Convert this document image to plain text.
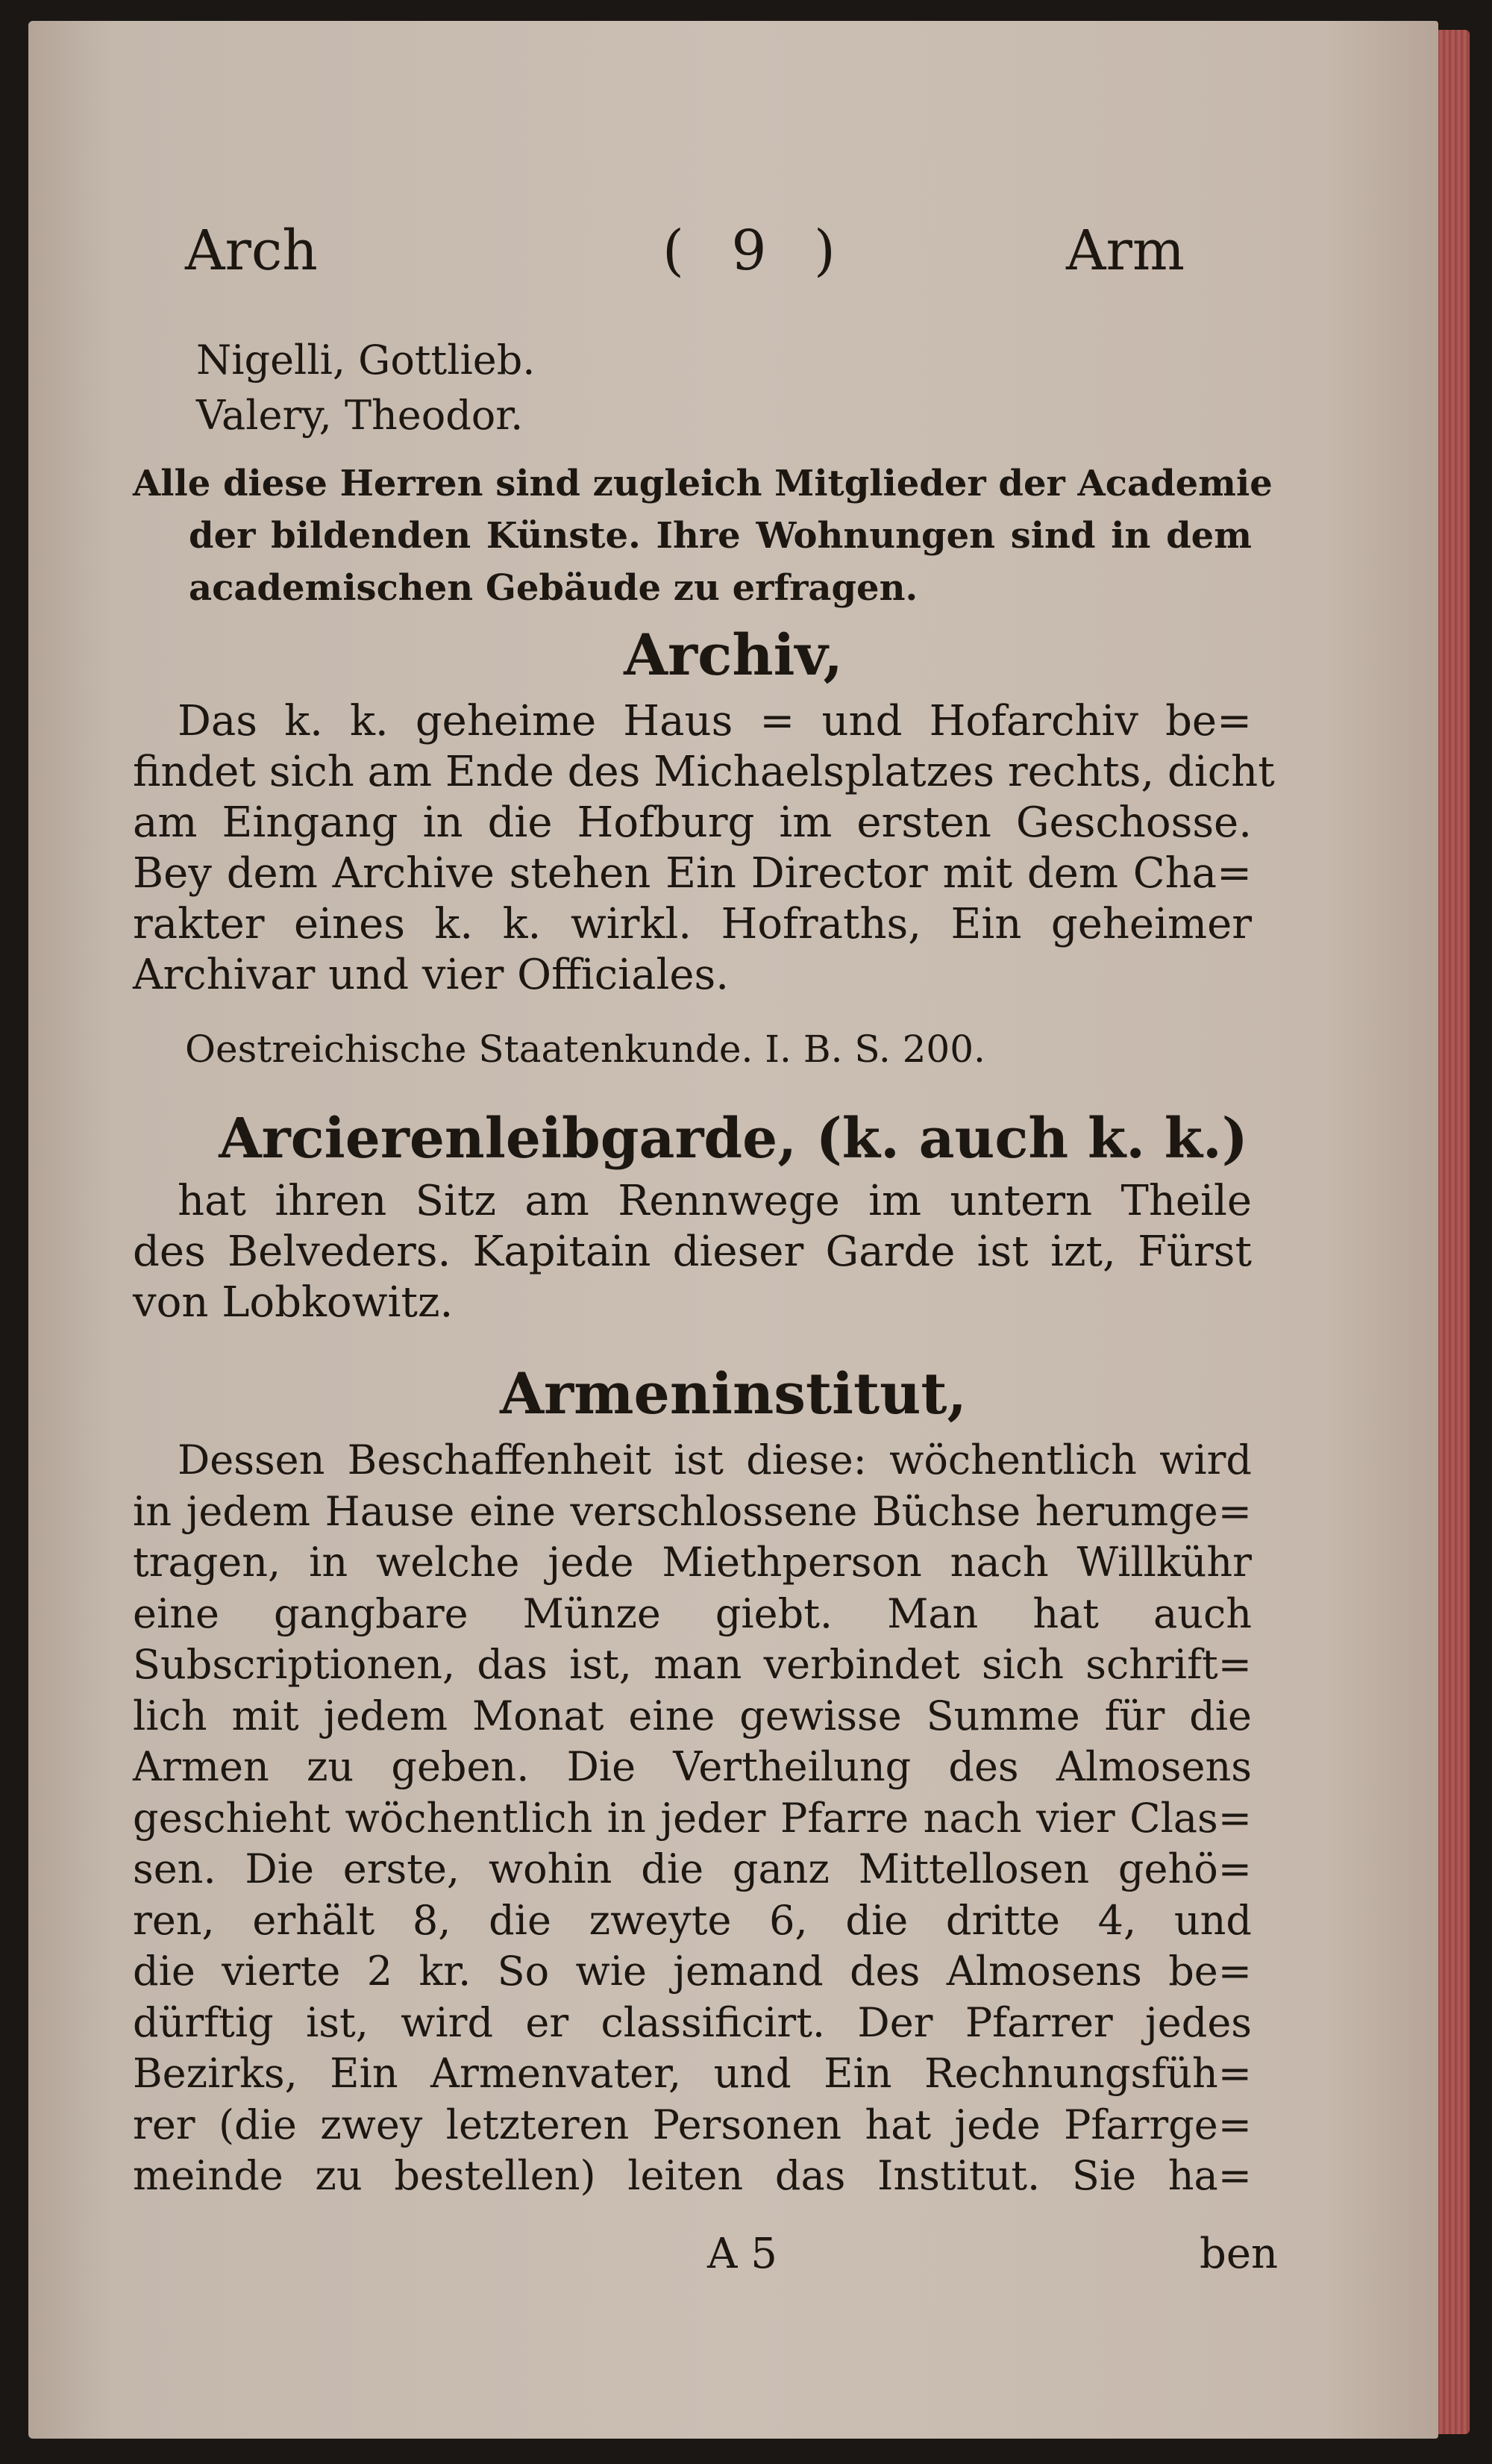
Arch	( 9 )	Arm
Nigelli, Gottlieb.
Valery, Theodor.
Alle diese Herren sind zugleich Mitglieder der Academie
der bildenden Künste. Ihre Wohnungen sind in dem
academischen Gebäude zu erfragen.
Archiv,
Das k. k. geheime Haus = und Hofarchiv be=
findet sich am Ende des Michaelsplatzes rechts, dicht
am Eingang in die Hofburg im ersten Geschosse.
Bey dem Archive stehen Ein Director mit dem Cha=
rakter eines k. k. wirkl. Hofraths, Ein geheimer
Archivar und vier Officiales.
Oestreichische Staatenkunde. I. B. S. 200.
Arcierenleibgarde, (k. auch k. k.)
hat ihren Sitz am Rennwege im untern Theile
des Belveders. Kapitain dieser Garde ist izt, Fürst
von Lobkowitz.
Armeninstitut,
Dessen Beschaffenheit ist diese: wöchentlich wird
in jedem Hause eine verschlossene Büchse herumge=
tragen, in welche jede Miethperson nach Willkühr
eine gangbare Münze giebt. Man hat auch
Subscriptionen, das ist, man verbindet sich schrift=
lich mit jedem Monat eine gewisse Summe für die
Armen zu geben. Die Vertheilung des Almosens
geschieht wöchentlich in jeder Pfarre nach vier Clas=
sen. Die erste, wohin die ganz Mittellosen gehö=
ren, erhält 8, die zweyte 6, die dritte 4, und
die vierte 2 kr. So wie jemand des Almosens be=
dürftig ist, wird er classificirt. Der Pfarrer jedes
Bezirks, Ein Armenvater, und Ein Rechnungsfüh=
rer (die zwey letzteren Personen hat jede Pfarrge=
meinde zu bestellen) leiten das Institut. Sie ha=
A 5	ben
